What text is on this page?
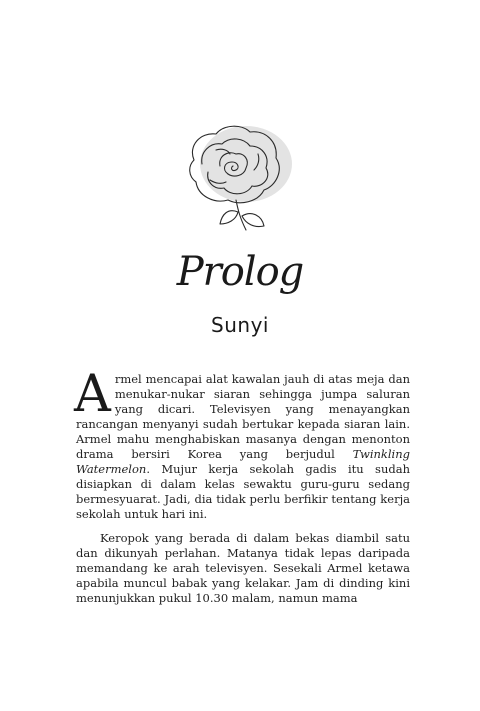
Prolog
Sunyi

Armel mencapai alat kawalan jauh di atas meja dan menukar-nukar siaran sehingga jumpa saluran yang dicari. Televisyen yang menayangkan rancangan menyanyi sudah bertukar kepada siaran lain. Armel mahu menghabiskan masanya dengan menonton drama bersiri Korea yang berjudul Twinkling Watermelon. Mujur kerja sekolah gadis itu sudah disiapkan di dalam kelas sewaktu guru-guru sedang bermesyuarat. Jadi, dia tidak perlu berfikir tentang kerja sekolah untuk hari ini.

Keropok yang berada di dalam bekas diambil satu dan dikunyah perlahan. Matanya tidak lepas daripada memandang ke arah televisyen. Sesekali Armel ketawa apabila muncul babak yang kelakar. Jam di dinding kini menunjukkan pukul 10.30 malam, namun mama
